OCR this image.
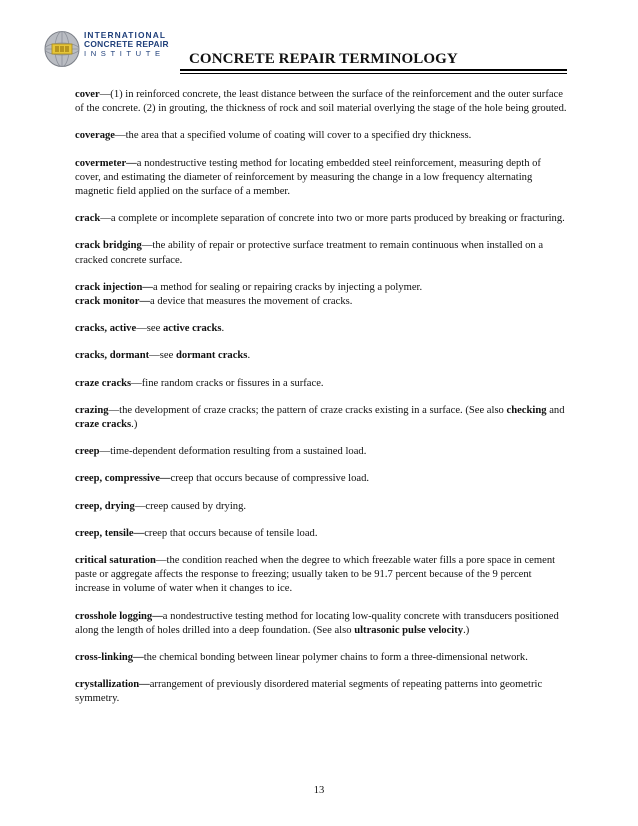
INTERNATIONAL
CONCRETE REPAIR
INSTITUTE CONCRETE REPAIR TERMINOLOGY

cover—(1) in reinforced concrete, the least distance between the surface of the reinforcement and the outer surface of the concrete. (2) in grouting, the thickness of rock and soil material overlying the stage of the hole being grouted.

coverage—the area that a specified volume of coating will cover to a specified dry thickness.

covermeter—a nondestructive testing method for locating embedded steel reinforcement, measuring depth of cover, and estimating the diameter of reinforcement by measuring the change in a low frequency alternating magnetic field applied on the surface of a member.

crack—a complete or incomplete separation of concrete into two or more parts produced by breaking or fracturing.

crack bridging—the ability of repair or protective surface treatment to remain continuous when installed on a cracked concrete surface.

crack injection—a method for sealing or repairing cracks by injecting a polymer.

crack monitor—a device that measures the movement of cracks.

cracks, active—see active cracks.

cracks, dormant—see dormant cracks.

craze cracks—fine random cracks or fissures in a surface.

crazing—the development of craze cracks; the pattern of craze cracks existing in a surface. (See also checking and craze cracks.)

creep—time-dependent deformation resulting from a sustained load.

creep, compressive—creep that occurs because of compressive load.

creep, drying—creep caused by drying.

creep, tensile—creep that occurs because of tensile load.

critical saturation—the condition reached when the degree to which freezable water fills a pore space in cement paste or aggregate affects the response to freezing; usually taken to be 91.7 percent because of the 9 percent increase in volume of water when it changes to ice.

crosshole logging—a nondestructive testing method for locating low-quality concrete with transducers positioned along the length of holes drilled into a deep foundation. (See also ultrasonic pulse velocity.)

cross-linking—the chemical bonding between linear polymer chains to form a three-dimensional network.

crystallization—arrangement of previously disordered material segments of repeating patterns into geometric symmetry.

13
